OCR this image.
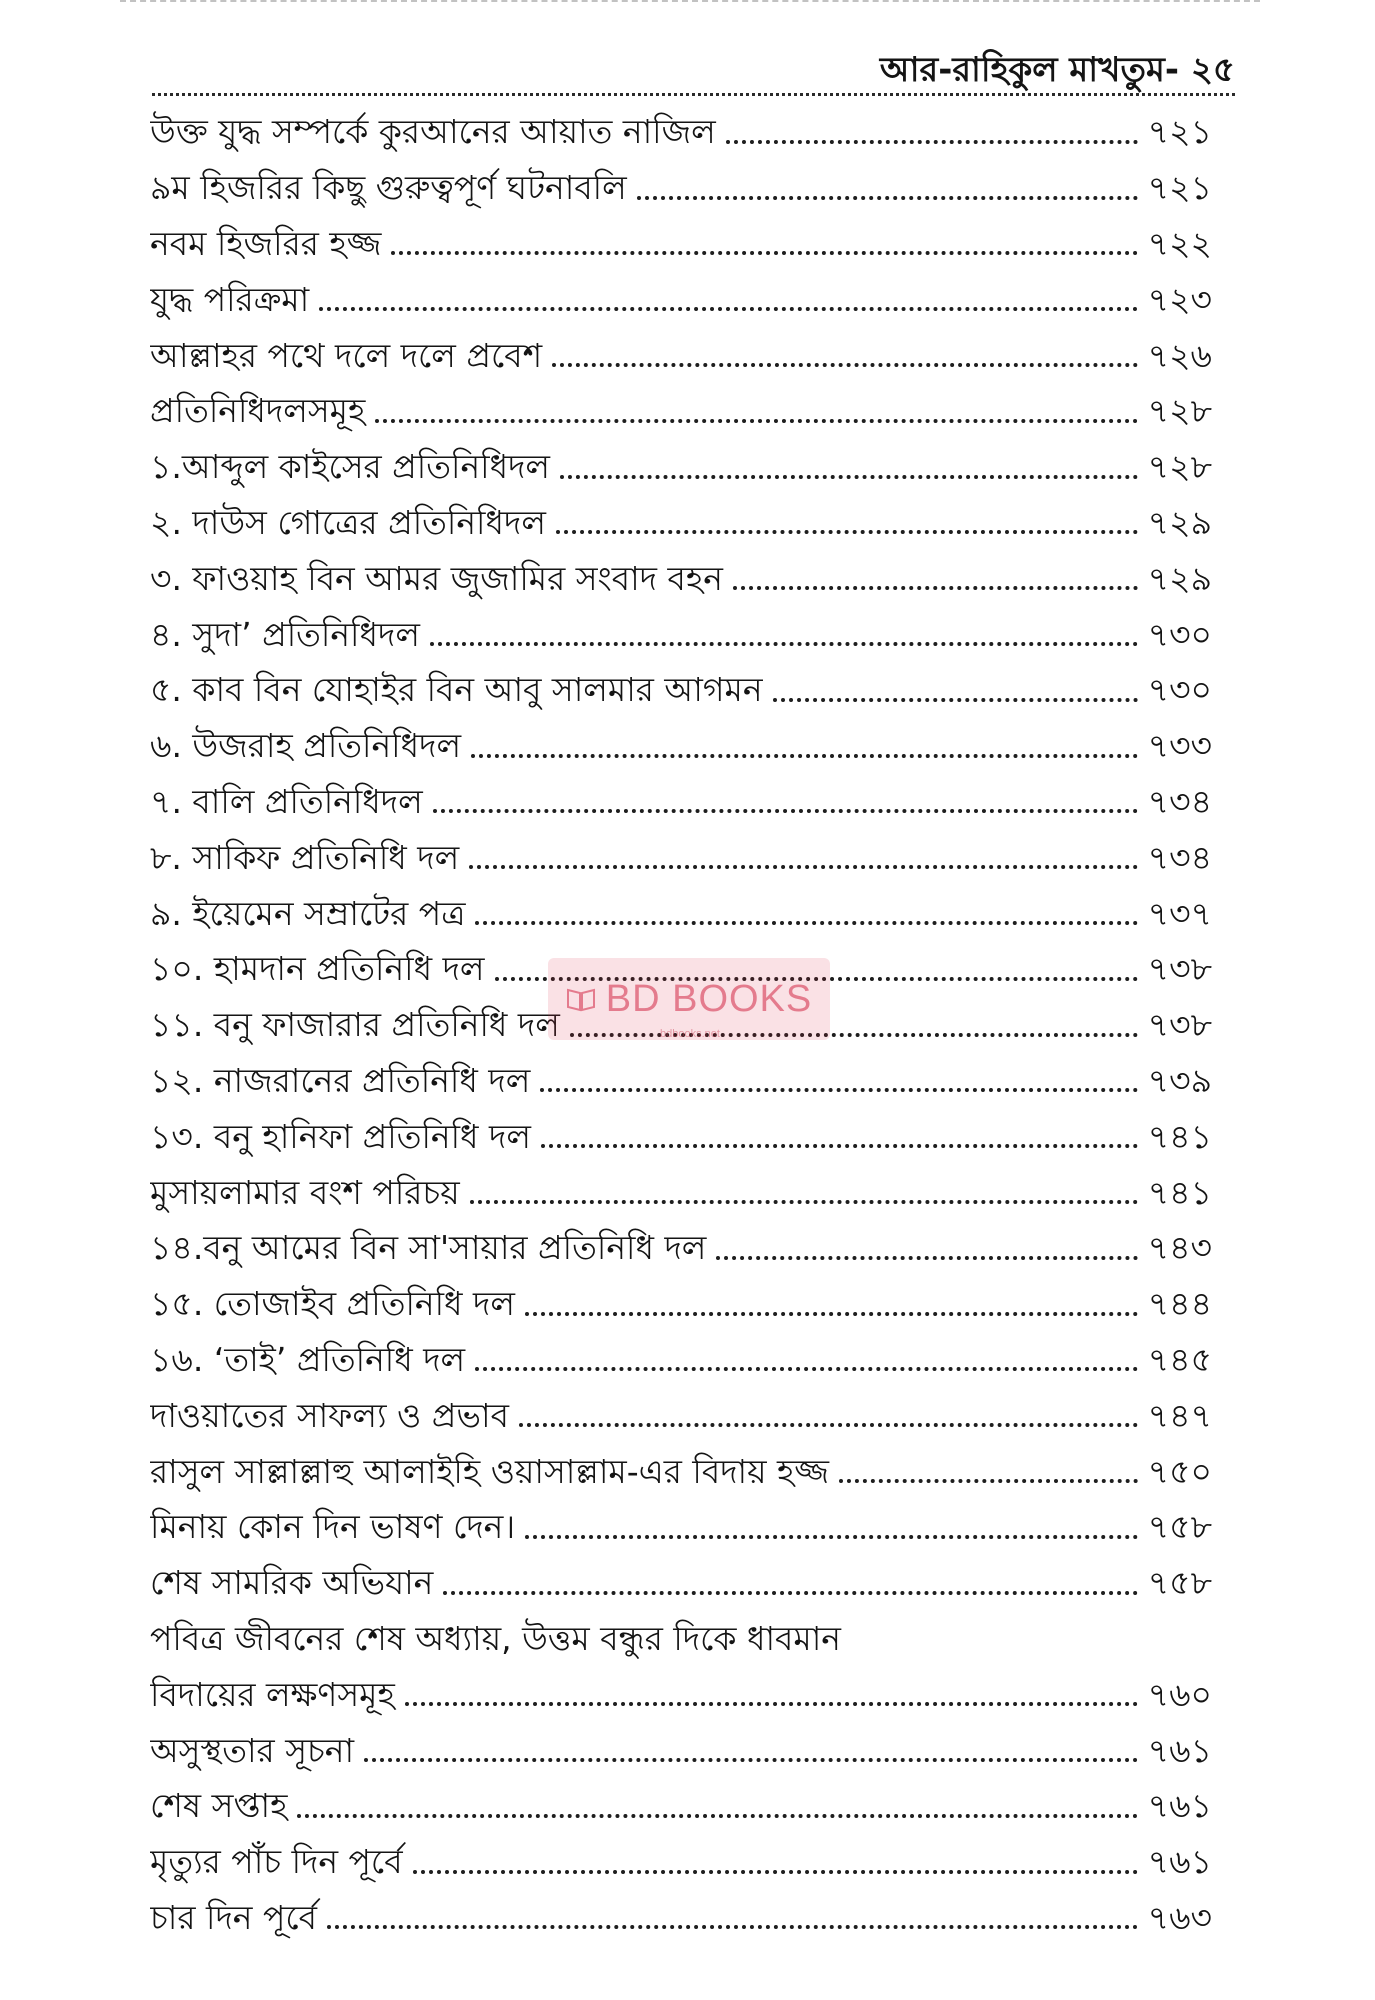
আর-রাহিকুল মাখতুম- ২৫
উক্ত যুদ্ধ সম্পর্কে কুরআনের আয়াত নাজিল	৭২১
৯ম হিজরির কিছু গুরুত্বপূর্ণ ঘটনাবলি	৭২১
নবম হিজরির হজ্জ	৭২২
যুদ্ধ পরিক্রমা	৭২৩
আল্লাহর পথে দলে দলে প্রবেশ	৭২৬
প্রতিনিধিদলসমূহ	৭২৮
১.আব্দুল কাইসের প্রতিনিধিদল	৭২৮
২. দাউস গোত্রের প্রতিনিধিদল	৭২৯
৩. ফাওয়াহ বিন আমর জুজামির সংবাদ বহন	৭২৯
৪. সুদা’ প্রতিনিধিদল	৭৩০
৫. কাব বিন যোহাইর বিন আবু সালমার আগমন	৭৩০
৬. উজরাহ প্রতিনিধিদল	৭৩৩
৭. বালি প্রতিনিধিদল	৭৩৪
৮. সাকিফ প্রতিনিধি দল	৭৩৪
৯. ইয়েমেন সম্রাটের পত্র	৭৩৭
১০. হামদান প্রতিনিধি দল	৭৩৮
১১. বনু ফাজারার প্রতিনিধি দল	৭৩৮
১২. নাজরানের প্রতিনিধি দল	৭৩৯
১৩. বনু হানিফা প্রতিনিধি দল	৭৪১
মুসায়লামার বংশ পরিচয়	৭৪১
১৪.বনু আমের বিন সা'সায়ার প্রতিনিধি দল	৭৪৩
১৫. তোজাইব প্রতিনিধি দল	৭৪৪
১৬. ‘তাই’ প্রতিনিধি দল	৭৪৫
দাওয়াতের সাফল্য ও প্রভাব	৭৪৭
রাসুল সাল্লাল্লাহু আলাইহি ওয়াসাল্লাম-এর বিদায় হজ্জ	৭৫০
মিনায় কোন দিন ভাষণ দেন।	৭৫৮
শেষ সামরিক অভিযান	৭৫৮
পবিত্র জীবনের শেষ অধ্যায়, উত্তম বন্ধুর দিকে ধাবমান
বিদায়ের লক্ষণসমূহ	৭৬০
অসুস্থতার সূচনা	৭৬১
শেষ সপ্তাহ	৭৬১
মৃত্যুর পাঁচ দিন পূর্বে	৭৬১
চার দিন পূর্বে	৭৬৩
BD BOOKS
bdbooks.net
